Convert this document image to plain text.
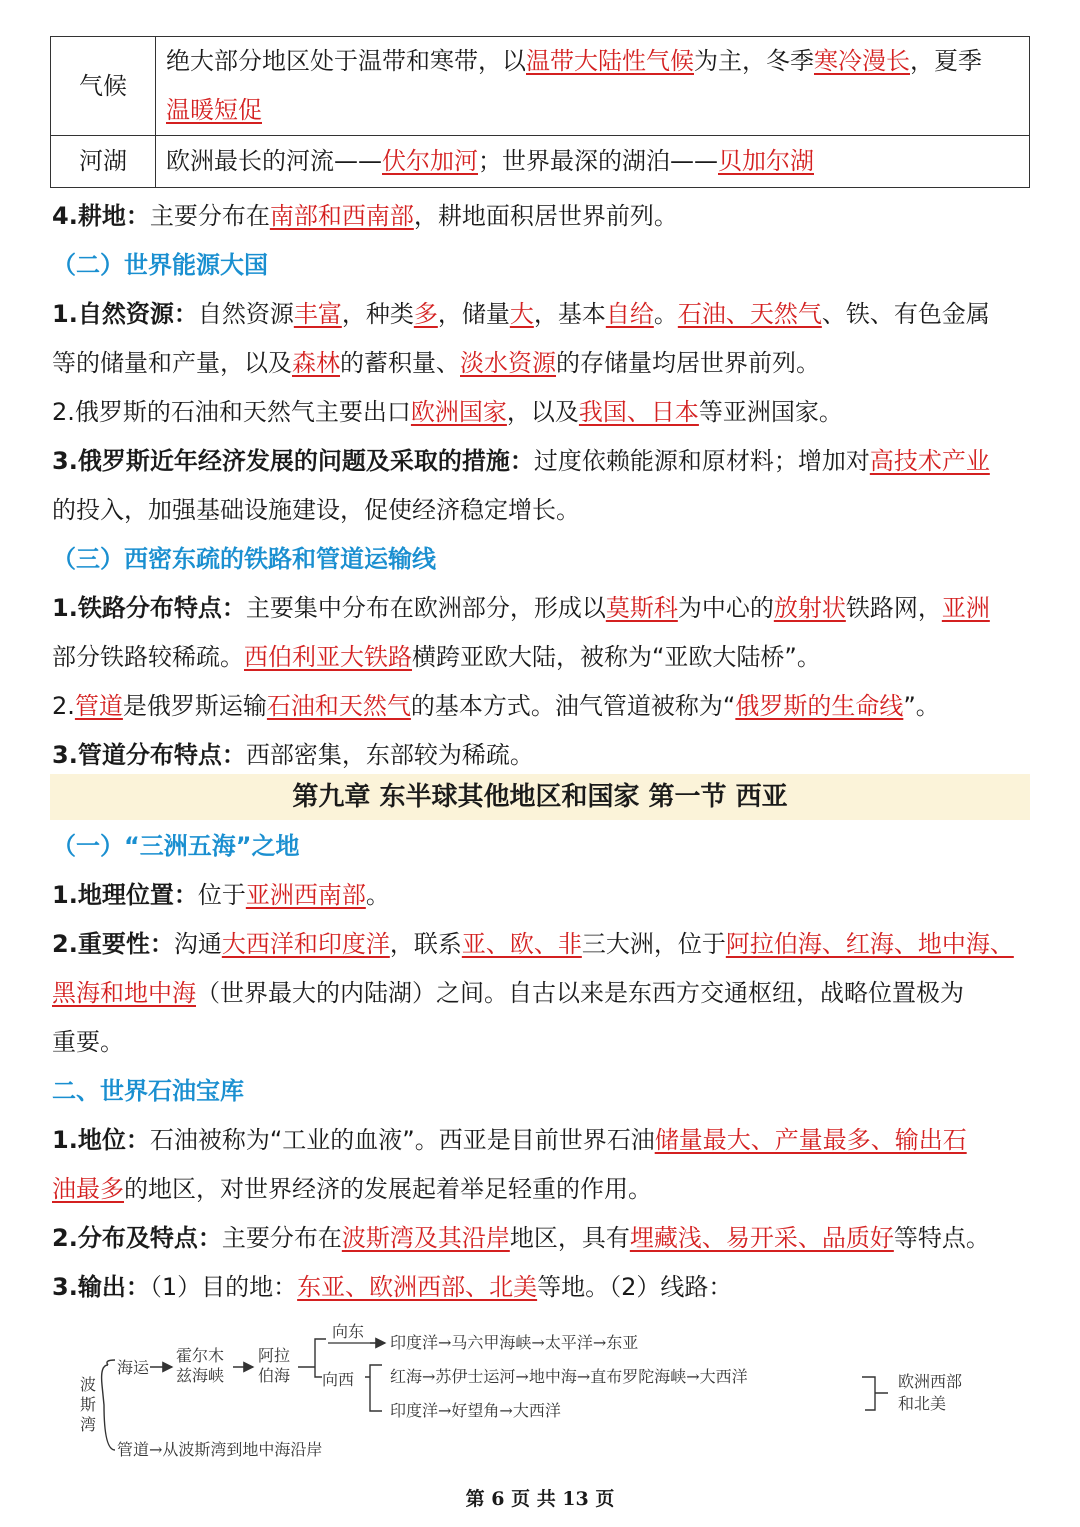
气候	绝大部分地区处于温带和寒带，以温带大陆性气候为主，冬季寒冷漫长，夏季
温暖短促
河湖	欧洲最长的河流——伏尔加河；世界最深的湖泊——贝加尔湖
4.耕地：主要分布在南部和西南部，耕地面积居世界前列。
（二）世界能源大国
1.自然资源：自然资源丰富，种类多，储量大，基本自给。石油、天然气、铁、有色金属
等的储量和产量，以及森林的蓄积量、淡水资源的存储量均居世界前列。
2.俄罗斯的石油和天然气主要出口欧洲国家，以及我国、日本等亚洲国家。
3.俄罗斯近年经济发展的问题及采取的措施：过度依赖能源和原材料；增加对高技术产业
的投入，加强基础设施建设，促使经济稳定增长。
（三）西密东疏的铁路和管道运输线
1.铁路分布特点：主要集中分布在欧洲部分，形成以莫斯科为中心的放射状铁路网，亚洲
部分铁路较稀疏。西伯利亚大铁路横跨亚欧大陆，被称为“亚欧大陆桥”。
2.管道是俄罗斯运输石油和天然气的基本方式。油气管道被称为“俄罗斯的生命线”。
3.管道分布特点：西部密集，东部较为稀疏。
（一）“三洲五海”之地
1.地理位置：位于亚洲西南部。
2.重要性：沟通大西洋和印度洋，联系亚、欧、非三大洲，位于阿拉伯海、红海、地中海、
黑海和地中海（世界最大的内陆湖）之间。自古以来是东西方交通枢纽，战略位置极为
重要。
二、世界石油宝库
1.地位：石油被称为“工业的血液”。西亚是目前世界石油储量最大、产量最多、输出石
油最多的地区，对世界经济的发展起着举足轻重的作用。
2.分布及特点：主要分布在波斯湾及其沿岸地区，具有埋藏浅、易开采、品质好等特点。
3.输出：（1）目的地：东亚、欧洲西部、北美等地。（2）线路：
第九章 东半球其他地区和国家 第一节 西亚
波斯湾
海运
霍尔木兹海峡
阿拉伯海
向东
向西
印度洋→马六甲海峡→太平洋→东亚
红海→苏伊士运河→地中海→直布罗陀海峡→大西洋
印度洋→好望角→大西洋
欧洲西部和北美
管道→从波斯湾到地中海沿岸
第 6 页 共 13 页
